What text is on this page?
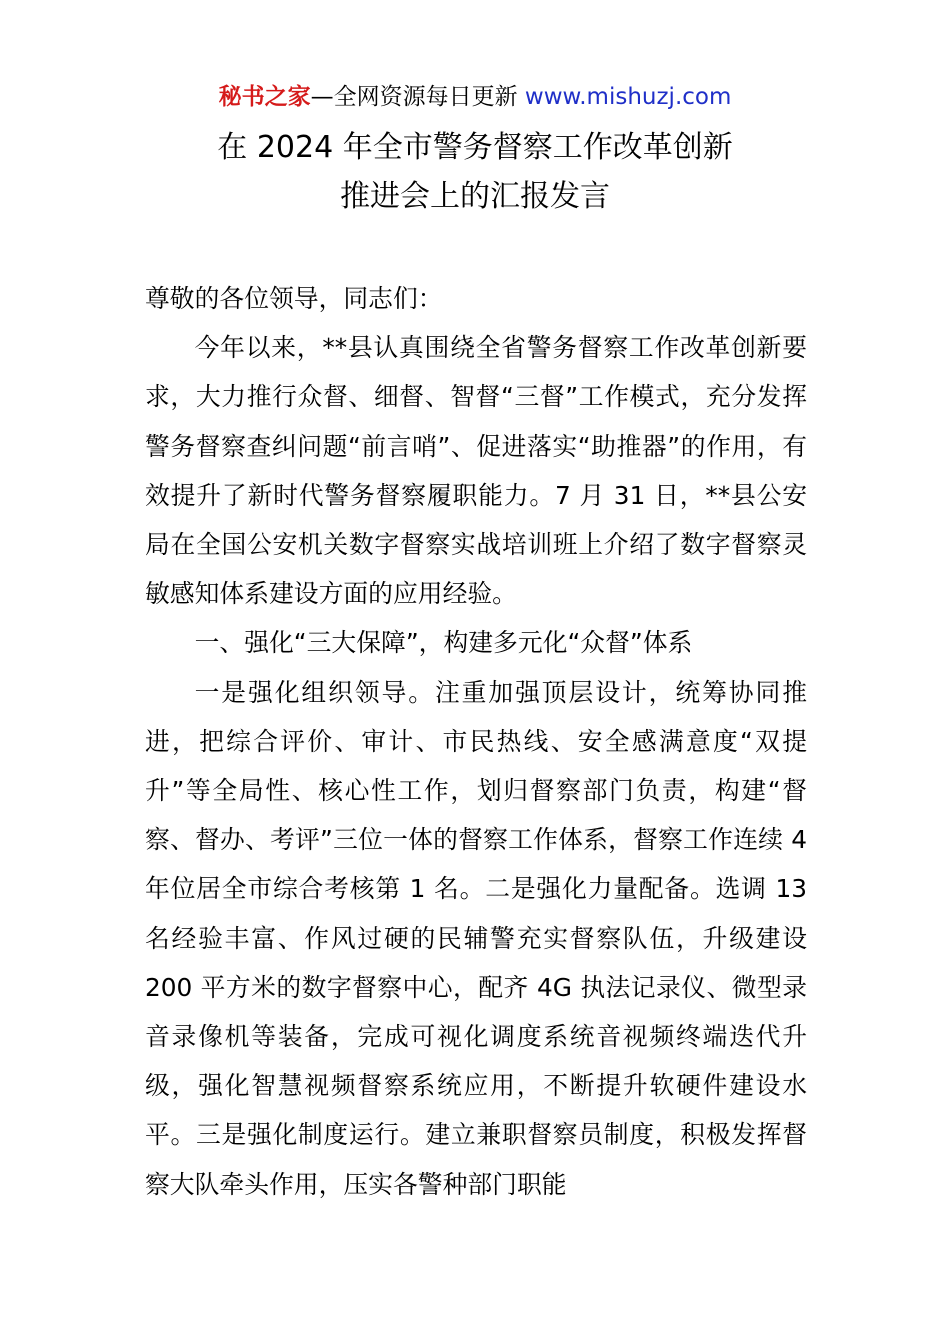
秘书之家—全网资源每日更新 www.mishuzj.com
在 2024 年全市警务督察工作改革创新
推进会上的汇报发言

尊敬的各位领导，同志们：

今年以来，**县认真围绕全省警务督察工作改革创新要求，大力推行众督、细督、智督“三督”工作模式，充分发挥警务督察查纠问题“前言哨”、促进落实“助推器”的作用，有效提升了新时代警务督察履职能力。7 月 31 日，**县公安局在全国公安机关数字督察实战培训班上介绍了数字督察灵敏感知体系建设方面的应用经验。

一、强化“三大保障”，构建多元化“众督”体系

一是强化组织领导。注重加强顶层设计，统筹协同推进，把综合评价、审计、市民热线、安全感满意度“双提升”等全局性、核心性工作，划归督察部门负责，构建“督察、督办、考评”三位一体的督察工作体系，督察工作连续 4 年位居全市综合考核第 1 名。二是强化力量配备。选调 13 名经验丰富、作风过硬的民辅警充实督察队伍，升级建设 200 平方米的数字督察中心，配齐 4G 执法记录仪、微型录音录像机等装备，完成可视化调度系统音视频终端迭代升级，强化智慧视频督察系统应用，不断提升软硬件建设水平。三是强化制度运行。建立兼职督察员制度，积极发挥督察大队牵头作用，压实各警种部门职能
